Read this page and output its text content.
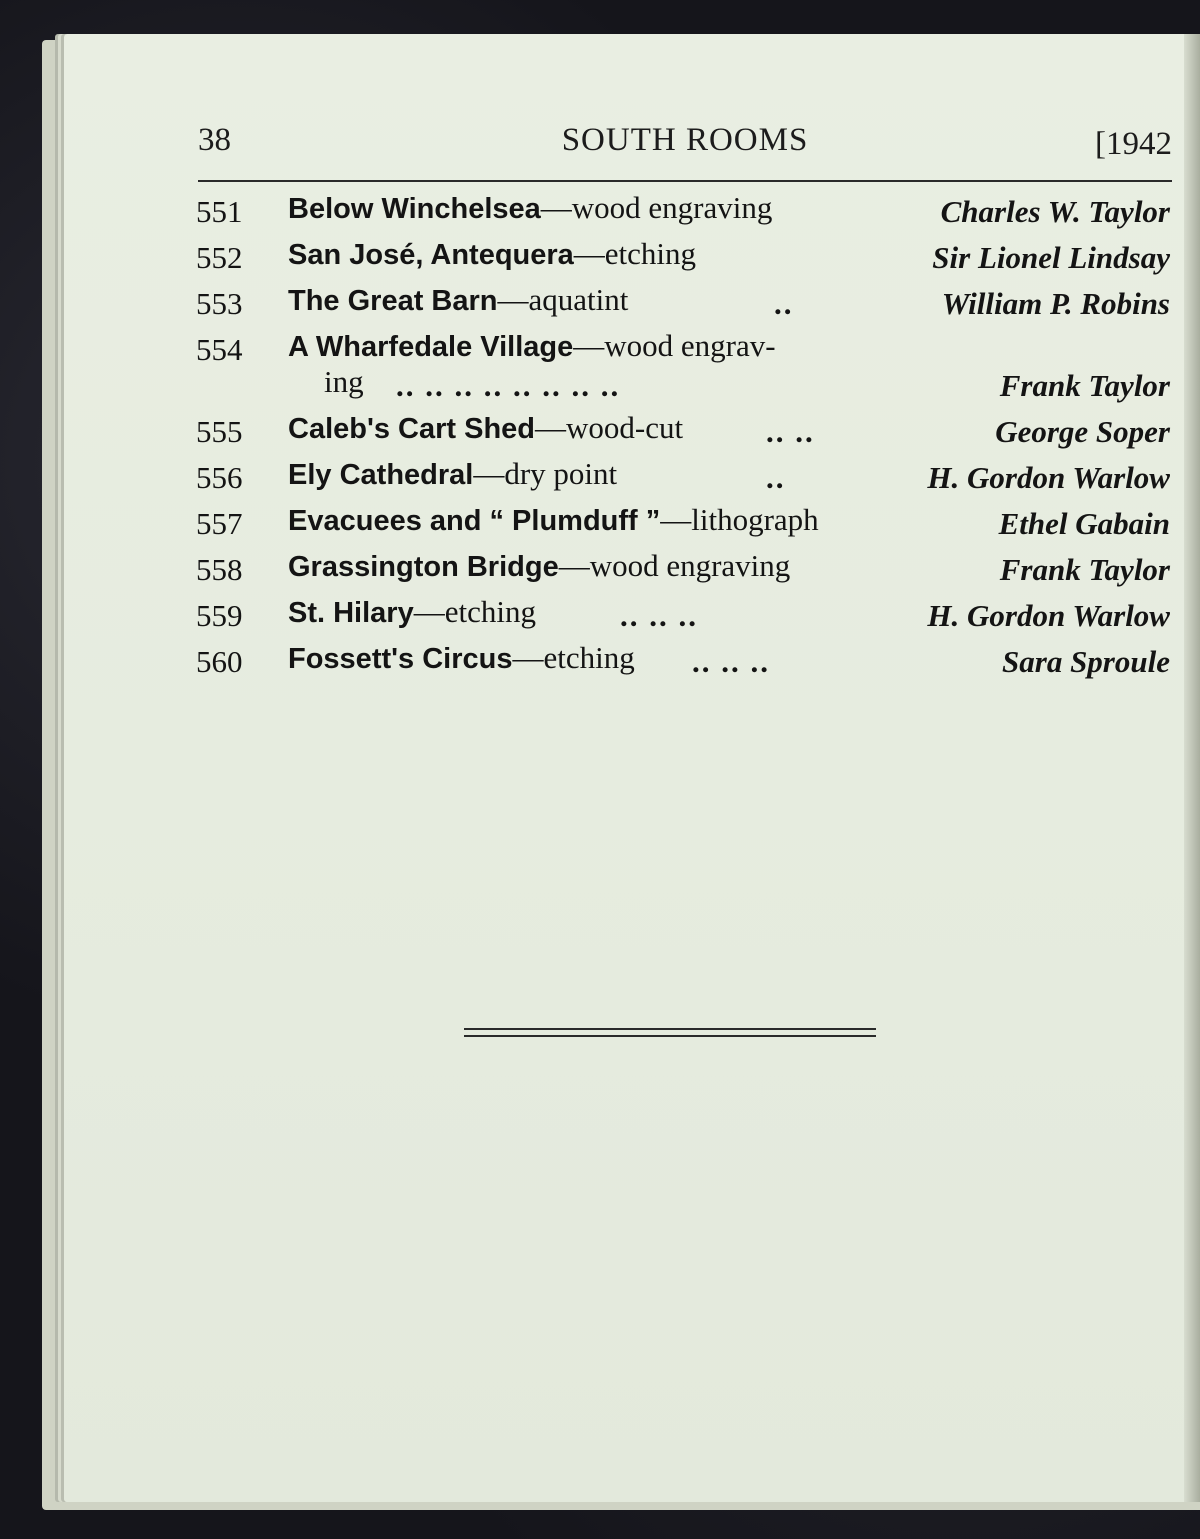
38	SOUTH ROOMS	[1942
551 Below Winchelsea—wood engraving	Charles W. Taylor
552 San José, Antequera—etching	Sir Lionel Lindsay
553 The Great Barn—aquatint	..	William P. Robins
554 A Wharfedale Village—wood engrav-
ing .. .. .. .. .. .. .. ..	Frank Taylor
555 Caleb's Cart Shed—wood-cut	.. ..	George Soper
556 Ely Cathedral—dry point	..	H. Gordon Warlow
557 Evacuees and “ Plumduff ”—lithograph	Ethel Gabain
558 Grassington Bridge—wood engraving	Frank Taylor
559 St. Hilary—etching	.. .. ..	H. Gordon Warlow
560 Fossett's Circus—etching .. .. ..	Sara Sproule
